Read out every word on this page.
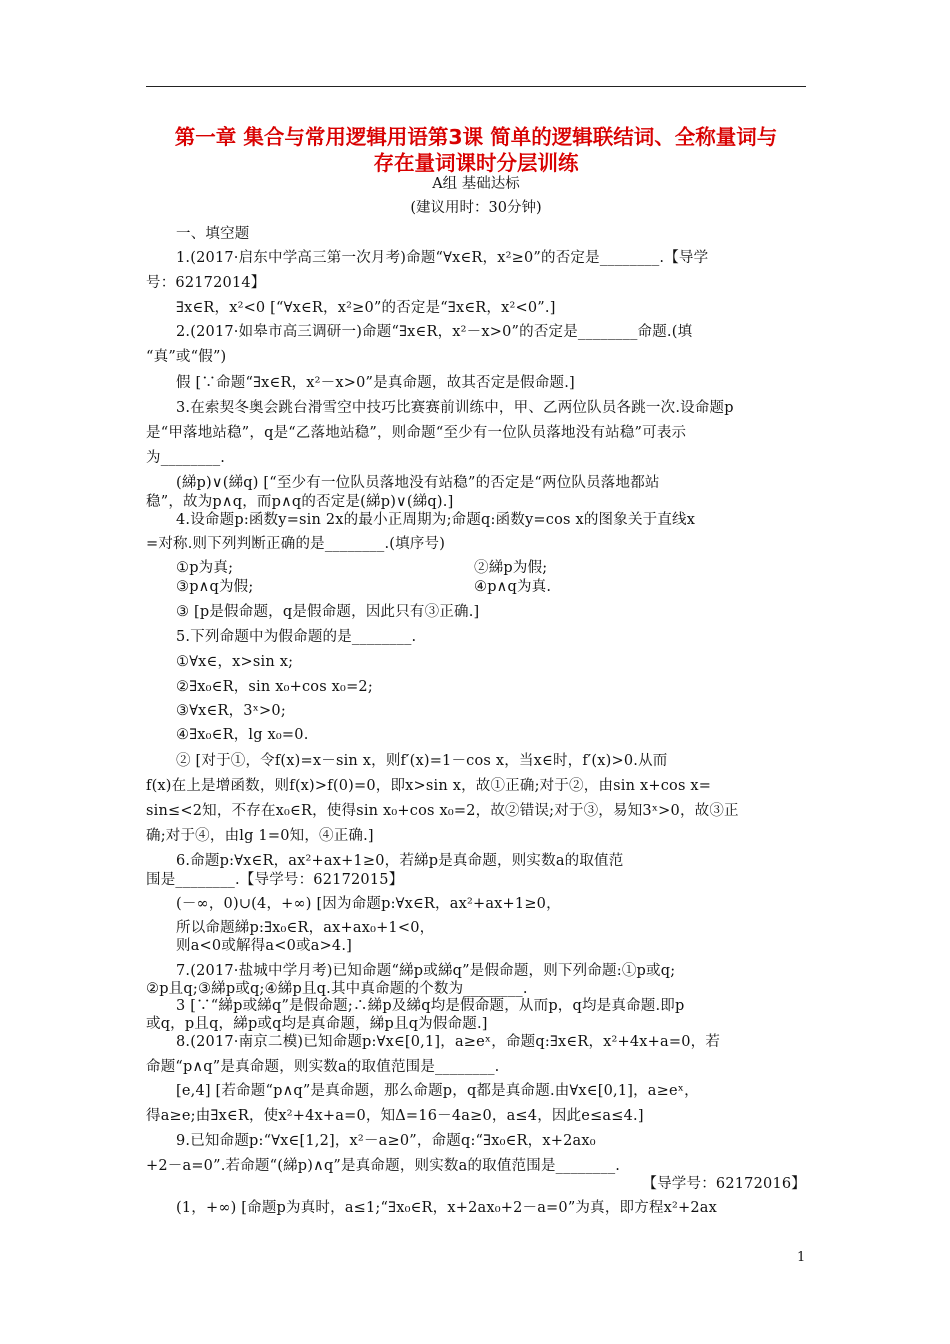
第一章 集合与常用逻辑用语第3课 简单的逻辑联结词、全称量词与
存在量词课时分层训练
A组 基础达标
(建议用时：30分钟)
一、填空题
1.(2017·启东中学高三第一次月考)命题“∀x∈R，x²≥0”的否定是________.【导学
号：62172014】
∃x∈R，x²<0 [“∀x∈R，x²≥0”的否定是“∃x∈R，x²<0”.]
2.(2017·如皋市高三调研一)命题“∃x∈R，x²－x>0”的否定是________命题.(填
“真”或“假”)
假 [∵命题“∃x∈R，x²－x>0”是真命题，故其否定是假命题.]
3.在索契冬奥会跳台滑雪空中技巧比赛赛前训练中，甲、乙两位队员各跳一次.设命题p
是“甲落地站稳”，q是“乙落地站稳”，则命题“至少有一位队员落地没有站稳”可表示
为________.
(綈p)∨(綈q) [“至少有一位队员落地没有站稳”的否定是“两位队员落地都站
稳”，故为p∧q，而p∧q的否定是(綈p)∨(綈q).]
4.设命题p:函数y=sin 2x的最小正周期为;命题q:函数y=cos x的图象关于直线x
=对称.则下列判断正确的是________.(填序号)
①p为真;	②綈p为假;
③p∧q为假;	④p∧q为真.
③ [p是假命题，q是假命题，因此只有③正确.]
5.下列命题中为假命题的是________.
①∀x∈，x>sin x;
②∃x₀∈R，sin x₀+cos x₀=2;
③∀x∈R，3ˣ>0;
④∃x₀∈R，lg x₀=0.
② [对于①，令f(x)=x－sin x，则f′(x)=1－cos x，当x∈时，f′(x)>0.从而
f(x)在上是增函数，则f(x)>f(0)=0，即x>sin x，故①正确;对于②，由sin x+cos x=
sin≤<2知，不存在x₀∈R，使得sin x₀+cos x₀=2，故②错误;对于③，易知3ˣ>0，故③正
确;对于④，由lg 1=0知，④正确.]
6.命题p:∀x∈R，ax²+ax+1≥0，若綈p是真命题，则实数a的取值范
围是________.【导学号：62172015】
(－∞，0)∪(4，+∞) [因为命题p:∀x∈R，ax²+ax+1≥0，
所以命题綈p:∃x₀∈R，ax+ax₀+1<0，
则a<0或解得a<0或a>4.]
7.(2017·盐城中学月考)已知命题“綈p或綈q”是假命题，则下列命题:①p或q;
②p且q;③綈p或q;④綈p且q.其中真命题的个数为________.
3 [∵“綈p或綈q”是假命题;∴綈p及綈q均是假命题，从而p，q均是真命题.即p
或q，p且q，綈p或q均是真命题，綈p且q为假命题.]
8.(2017·南京二模)已知命题p:∀x∈[0,1]，a≥eˣ，命题q:∃x∈R，x²+4x+a=0，若
命题“p∧q”是真命题，则实数a的取值范围是________.
[e,4] [若命题“p∧q”是真命题，那么命题p，q都是真命题.由∀x∈[0,1]，a≥eˣ，
得a≥e;由∃x∈R，使x²+4x+a=0，知Δ=16－4a≥0，a≤4，因此e≤a≤4.]
9.已知命题p:“∀x∈[1,2]，x²－a≥0”，命题q:“∃x₀∈R，x+2ax₀
+2－a=0”.若命题“(綈p)∧q”是真命题，则实数a的取值范围是________.
【导学号：62172016】
(1，+∞) [命题p为真时，a≤1;“∃x₀∈R，x+2ax₀+2－a=0”为真，即方程x²+2ax
1
